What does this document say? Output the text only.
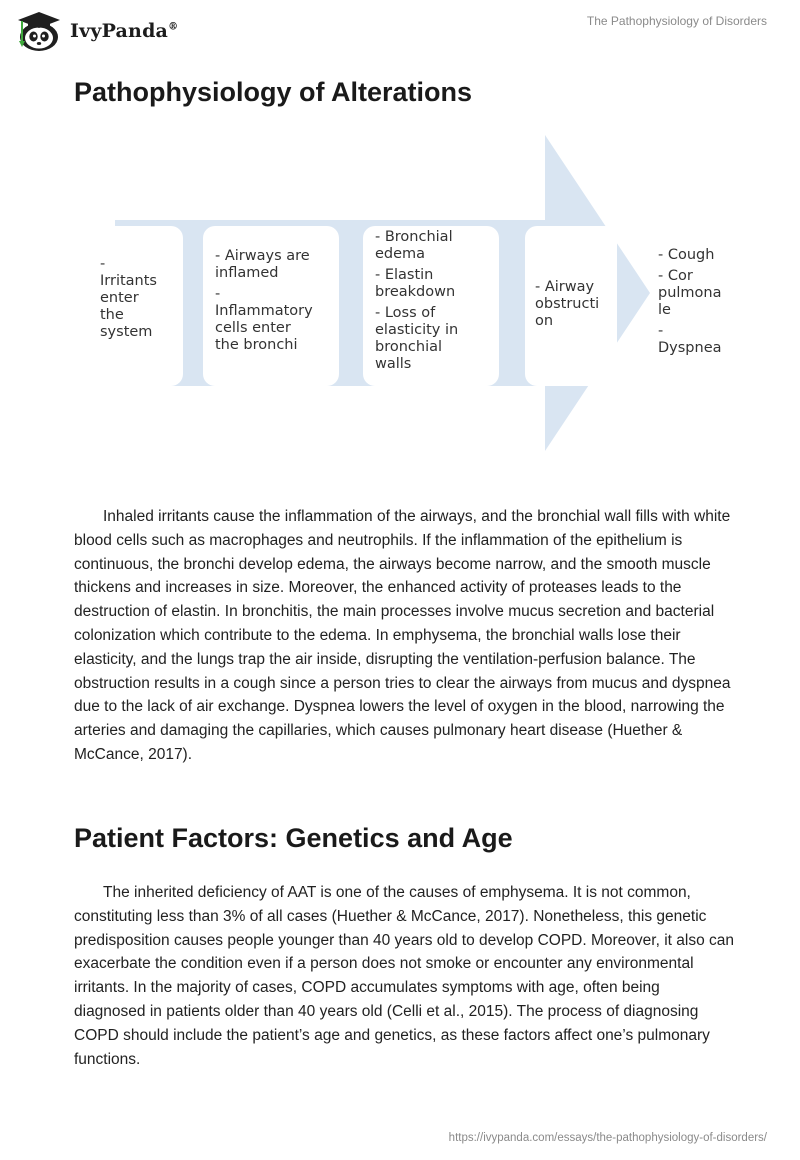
IvyPanda®	The Pathophysiology of Disorders
Pathophysiology of Alterations

-

Irritants

enter

the

system

- Airways are

inflamed

-

Inflammatory

cells enter

the bronchi

- Bronchial

edema

- Elastin

breakdown

- Loss of

elasticity in

bronchial

walls

- Airway

obstructi

on

- Cough

- Cor

pulmona

le

-

Dyspnea

Inhaled irritants cause the inflammation of the airways, and the bronchial wall fills with white blood cells such as macrophages and neutrophils. If the inflammation of the epithelium is continuous, the bronchi develop edema, the airways become narrow, and the smooth muscle thickens and increases in size. Moreover, the enhanced activity of proteases leads to the destruction of elastin. In bronchitis, the main processes involve mucus secretion and bacterial colonization which contribute to the edema. In emphysema, the bronchial walls lose their elasticity, and the lungs trap the air inside, disrupting the ventilation-perfusion balance. The obstruction results in a cough since a person tries to clear the airways from mucus and dyspnea due to the lack of air exchange. Dyspnea lowers the level of oxygen in the blood, narrowing the arteries and damaging the capillaries, which causes pulmonary heart disease (Huether & McCance, 2017).

Patient Factors: Genetics and Age

The inherited deficiency of AAT is one of the causes of emphysema. It is not common, constituting less than 3% of all cases (Huether & McCance, 2017). Nonetheless, this genetic predisposition causes people younger than 40 years old to develop COPD. Moreover, it also can exacerbate the condition even if a person does not smoke or encounter any environmental irritants. In the majority of cases, COPD accumulates symptoms with age, often being diagnosed in patients older than 40 years old (Celli et al., 2015). The process of diagnosing COPD should include the patient’s age and genetics, as these factors affect one’s pulmonary functions.

https://ivypanda.com/essays/the-pathophysiology-of-disorders/
